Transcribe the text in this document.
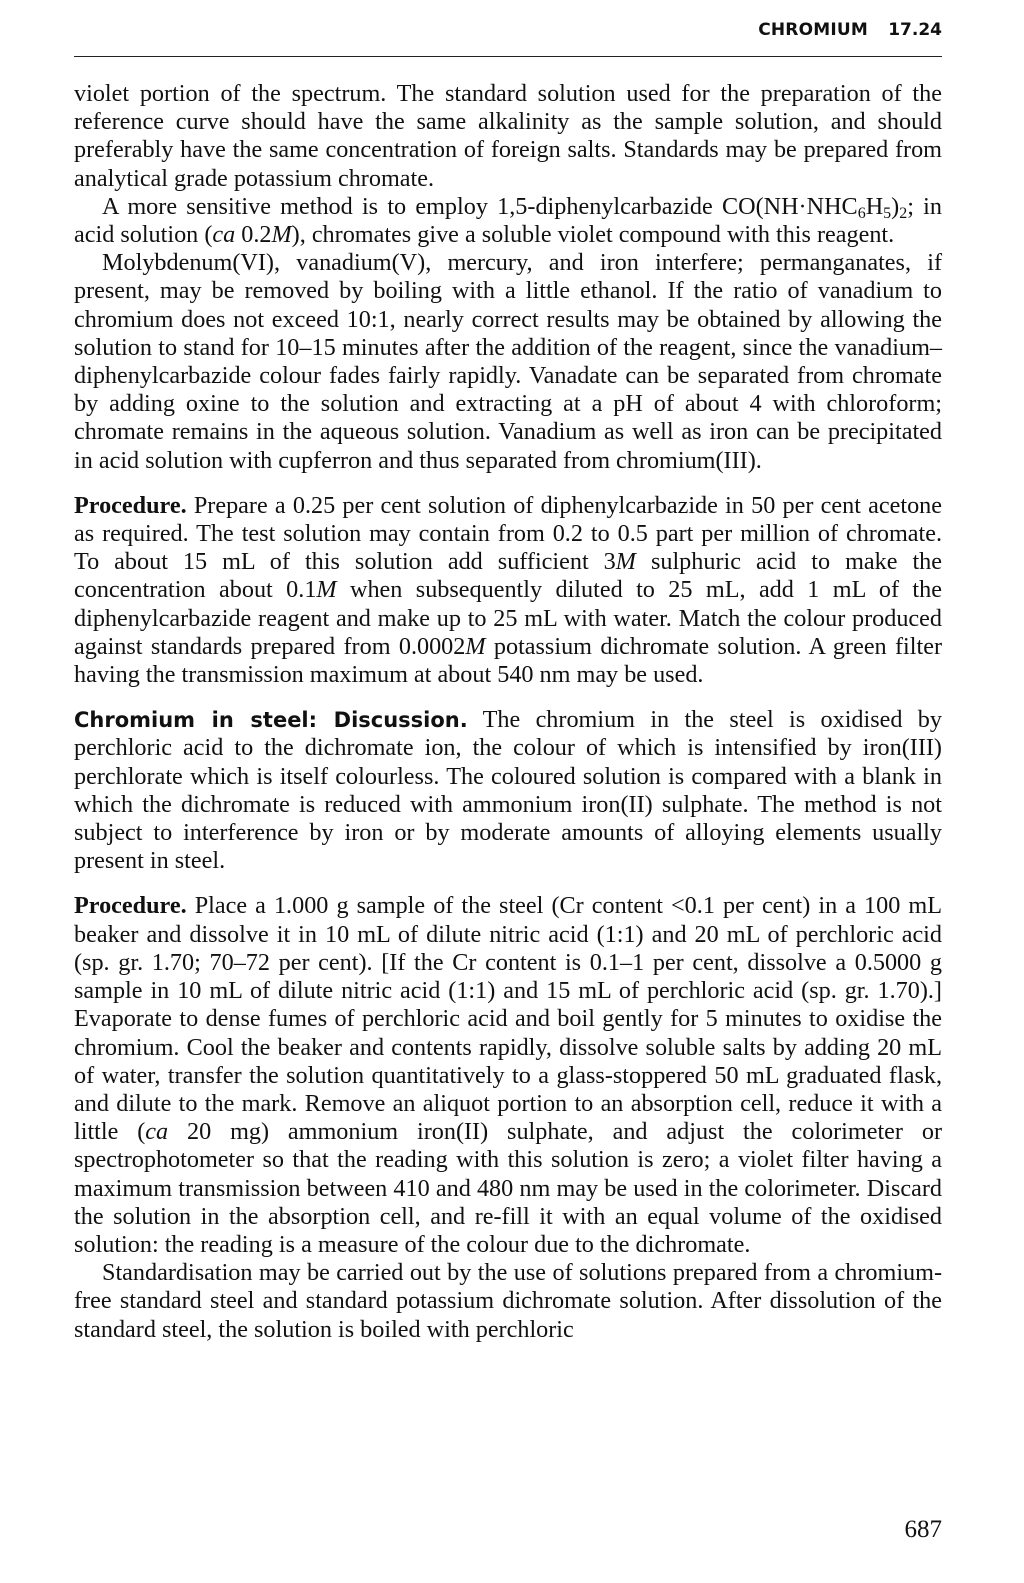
CHROMIUM 17.24

violet portion of the spectrum. The standard solution used for the preparation of the reference curve should have the same alkalinity as the sample solution, and should preferably have the same concentration of foreign salts. Standards may be prepared from analytical grade potassium chromate.

A more sensitive method is to employ 1,5-diphenylcarbazide $CO(NH\cdot NHC_6H_5)_2$; in acid solution (ca 0.2M), chromates give a soluble violet compound with this reagent.

Molybdenum(VI), vanadium(V), mercury, and iron interfere; permanganates, if present, may be removed by boiling with a little ethanol. If the ratio of vanadium to chromium does not exceed 10:1, nearly correct results may be obtained by allowing the solution to stand for 10–15 minutes after the addition of the reagent, since the vanadium–diphenylcarbazide colour fades fairly rapidly. Vanadate can be separated from chromate by adding oxine to the solution and extracting at a pH of about 4 with chloroform; chromate remains in the aqueous solution. Vanadium as well as iron can be precipitated in acid solution with cupferron and thus separated from chromium(III).

Procedure. Prepare a 0.25 per cent solution of diphenylcarbazide in 50 per cent acetone as required. The test solution may contain from 0.2 to 0.5 part per million of chromate. To about 15 mL of this solution add sufficient 3M sulphuric acid to make the concentration about 0.1M when subsequently diluted to 25 mL, add 1 mL of the diphenylcarbazide reagent and make up to 25 mL with water. Match the colour produced against standards prepared from 0.0002M potassium dichromate solution. A green filter having the transmission maximum at about 540 nm may be used.

Chromium in steel: Discussion. The chromium in the steel is oxidised by perchloric acid to the dichromate ion, the colour of which is intensified by iron(III) perchlorate which is itself colourless. The coloured solution is compared with a blank in which the dichromate is reduced with ammonium iron(II) sulphate. The method is not subject to interference by iron or by moderate amounts of alloying elements usually present in steel.

Procedure. Place a 1.000 g sample of the steel (Cr content <0.1 per cent) in a 100 mL beaker and dissolve it in 10 mL of dilute nitric acid (1:1) and 20 mL of perchloric acid (sp. gr. 1.70; 70–72 per cent). [If the Cr content is 0.1–1 per cent, dissolve a 0.5000 g sample in 10 mL of dilute nitric acid (1:1) and 15 mL of perchloric acid (sp. gr. 1.70).] Evaporate to dense fumes of perchloric acid and boil gently for 5 minutes to oxidise the chromium. Cool the beaker and contents rapidly, dissolve soluble salts by adding 20 mL of water, transfer the solution quantitatively to a glass-stoppered 50 mL graduated flask, and dilute to the mark. Remove an aliquot portion to an absorption cell, reduce it with a little (ca 20 mg) ammonium iron(II) sulphate, and adjust the colorimeter or spectrophotometer so that the reading with this solution is zero; a violet filter having a maximum transmission between 410 and 480 nm may be used in the colorimeter. Discard the solution in the absorption cell, and re-fill it with an equal volume of the oxidised solution: the reading is a measure of the colour due to the dichromate.

Standardisation may be carried out by the use of solutions prepared from a chromium-free standard steel and standard potassium dichromate solution. After dissolution of the standard steel, the solution is boiled with perchloric

687
